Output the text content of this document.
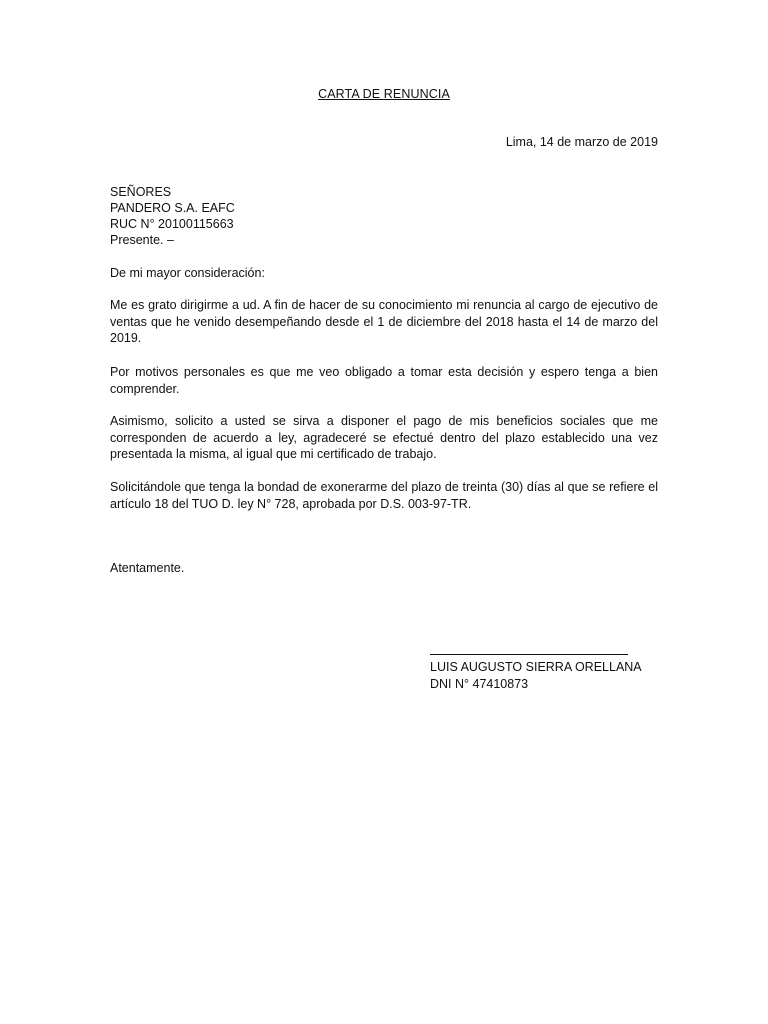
CARTA DE RENUNCIA
Lima, 14 de marzo de 2019
SEÑORES
PANDERO S.A. EAFC
RUC N° 20100115663
Presente. –
De mi mayor consideración:
Me es grato dirigirme a ud. A fin de hacer de su conocimiento mi renuncia al cargo de ejecutivo de ventas que he venido desempeñando desde el 1 de diciembre del 2018 hasta el 14 de marzo del 2019.
Por motivos personales es que me veo obligado a tomar esta decisión y espero tenga a bien comprender.
Asimismo, solicito a usted se sirva a disponer el pago de mis beneficios sociales que me corresponden de acuerdo a ley, agradeceré se efectué dentro del plazo establecido una vez presentada la misma, al igual que mi certificado de trabajo.
Solicitándole que tenga la bondad de exonerarme del plazo de treinta (30) días al que se refiere el artículo 18 del TUO D. ley N° 728, aprobada por D.S. 003-97-TR.
Atentamente.
LUIS AUGUSTO SIERRA ORELLANA
DNI N° 47410873
